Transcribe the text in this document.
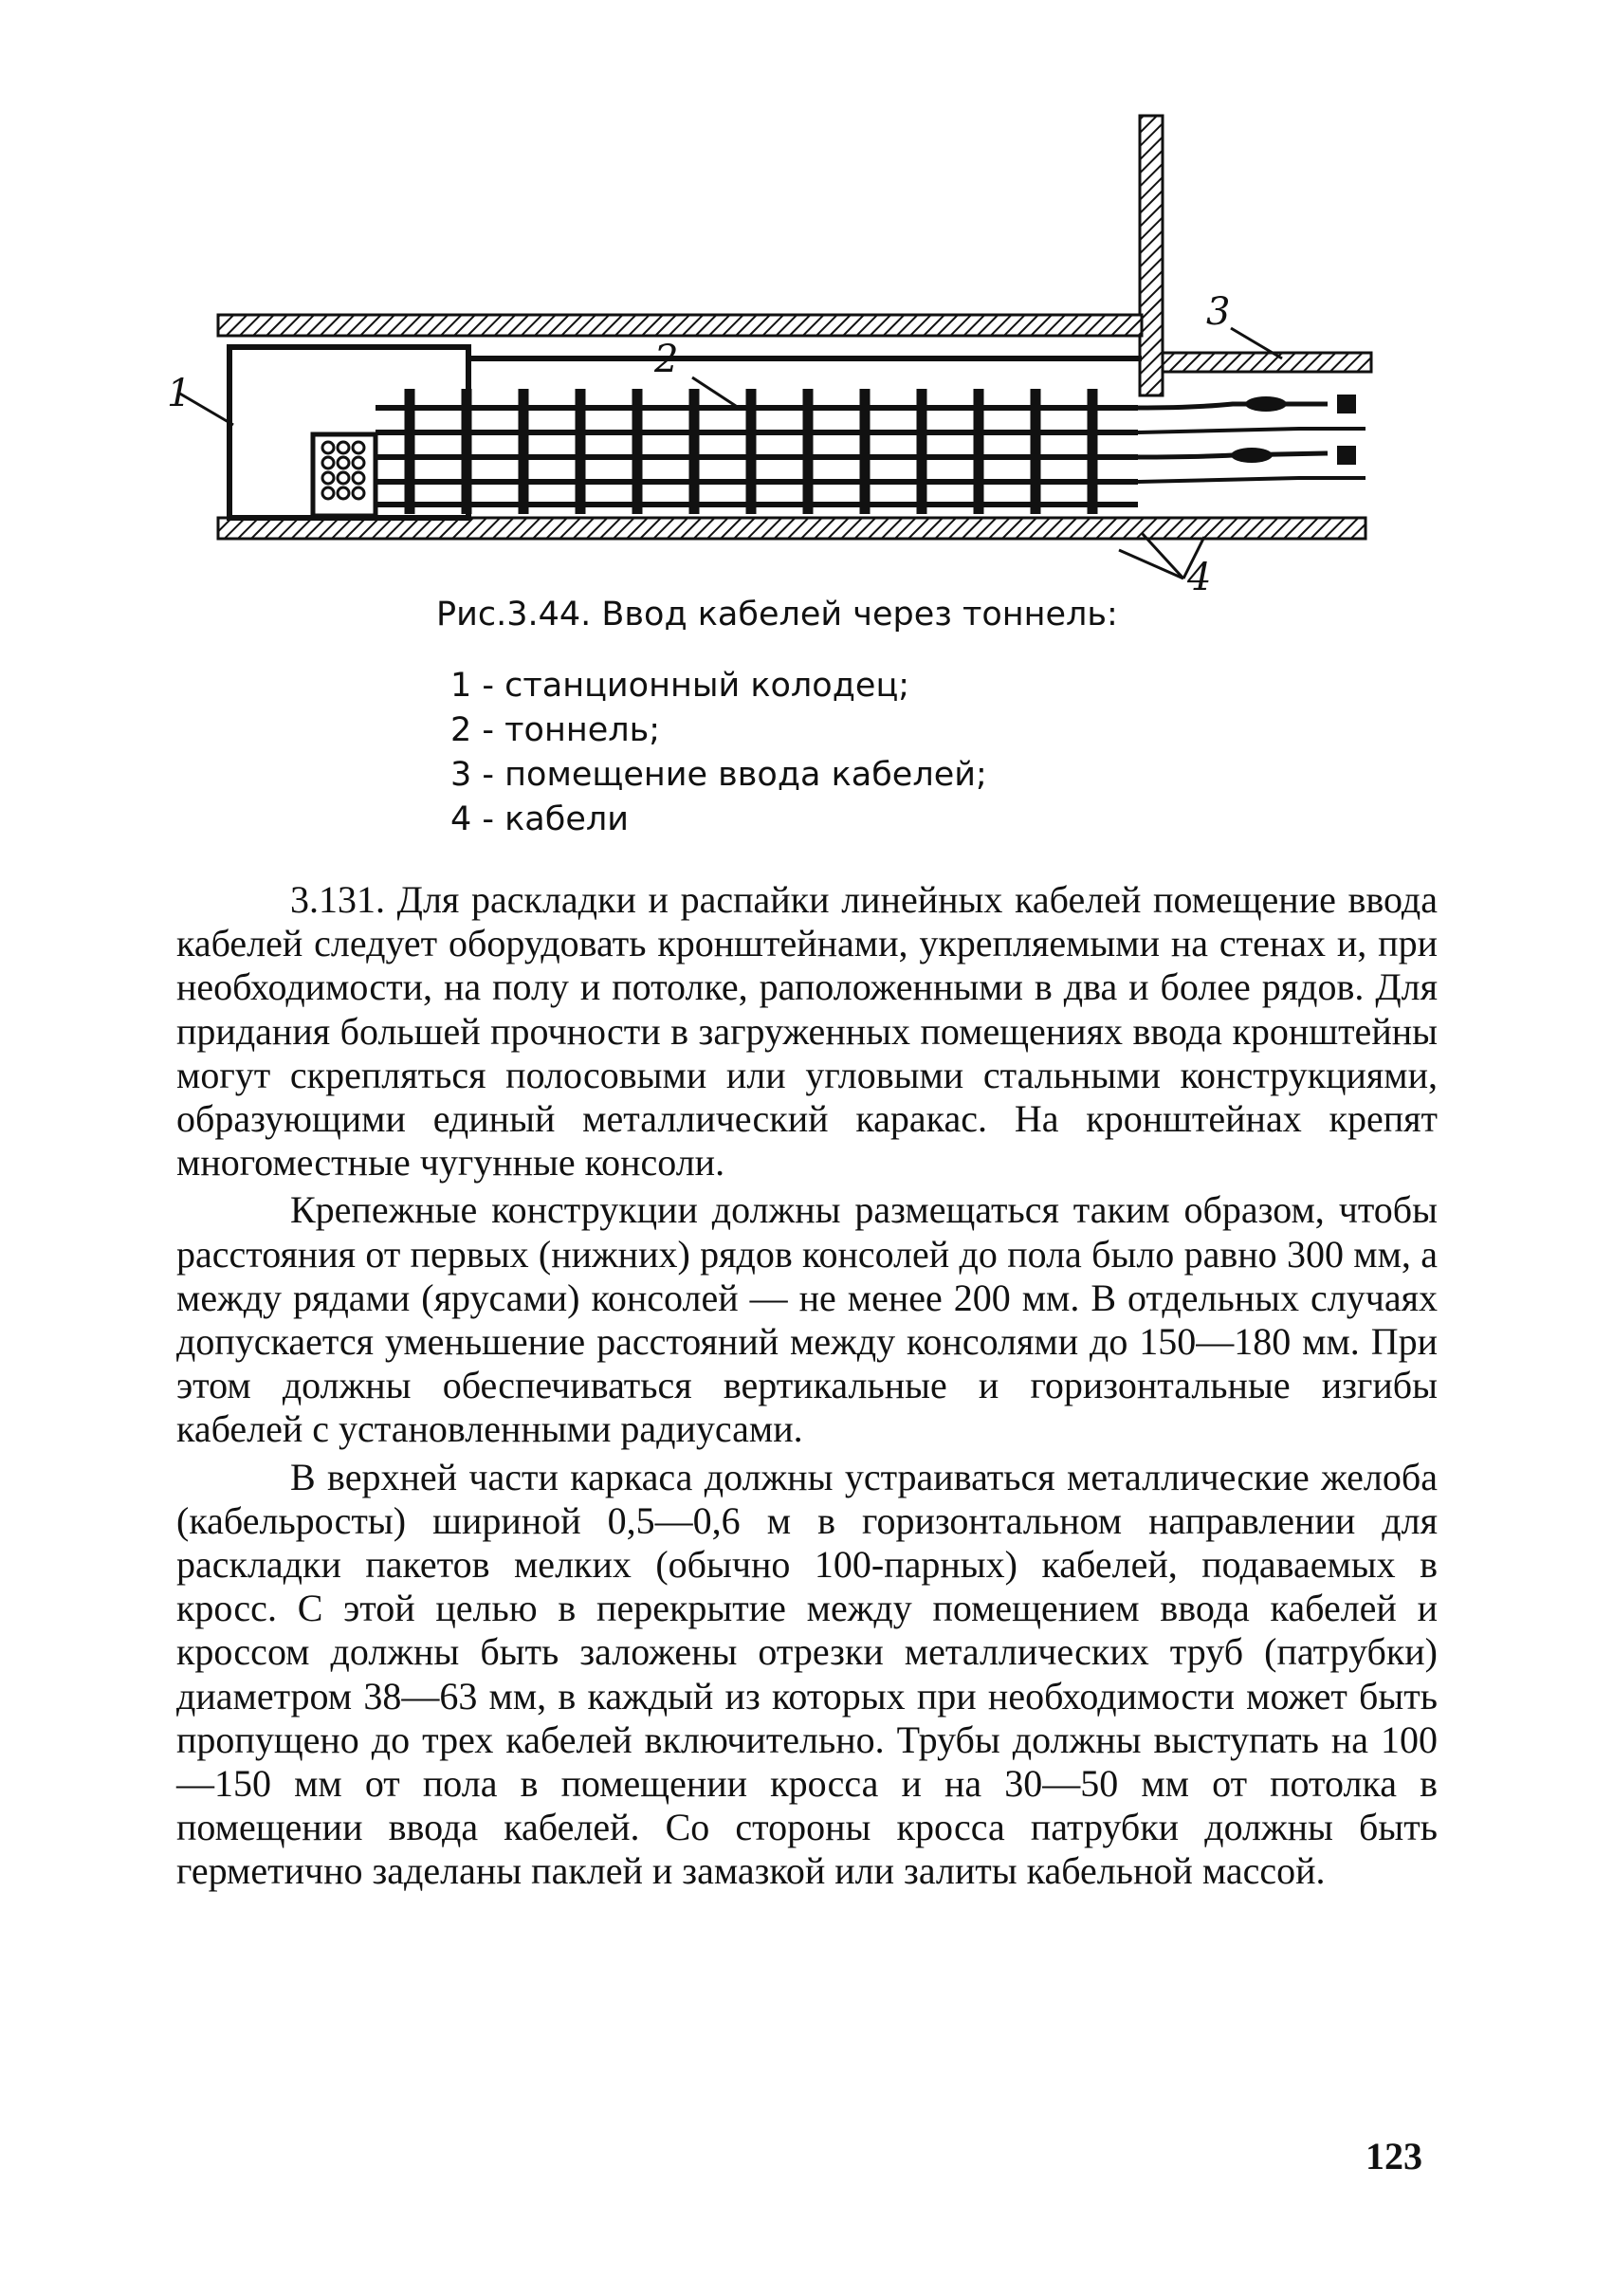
1
2
3
4
Рис.3.44. Ввод кабелей через тоннель:
1 - станционный колодец;
2 - тоннель;
3 - помещение ввода кабелей;
4 - кабели

3.131. Для раскладки и распайки линейных кабелей помещение ввода кабелей следует оборудовать кронштейнами, укрепляемыми на стенах и, при необходимости, на полу и потолке, раположенными в два и более рядов. Для придания большей прочности в загруженных помещениях ввода кронштейны могут скрепляться полосовыми или угловыми стальными конструкциями, образующими единый металлический каракас. На кронштейнах крепят многоместные чугунные консоли.

Крепежные конструкции должны размещаться таким образом, чтобы расстояния от первых (нижних) рядов консолей до пола было равно 300 мм, а между рядами (ярусами) консолей — не менее 200 мм. В отдельных случаях допускается уменьшение расстояний между консолями до 150—180 мм. При этом должны обеспечиваться вертикальные и горизонтальные изгибы кабелей с установленными радиусами.

В верхней части каркаса должны устраиваться металлические желоба (кабельросты) шириной 0,5—0,6 м в горизонтальном направлении для раскладки пакетов мелких (обычно 100-парных) кабелей, подаваемых в кросс. С этой целью в перекрытие между помещением ввода кабелей и кроссом должны быть заложены отрезки металлических труб (патрубки) диаметром 38—63 мм, в каждый из которых при необходимости может быть пропущено до трех кабелей включительно. Трубы должны выступать на 100—150 мм от пола в помещении кросса и на 30—50 мм от потолка в помещении ввода кабелей. Со стороны кросса патрубки должны быть герметично заделаны паклей и замазкой или залиты кабельной массой.

123
